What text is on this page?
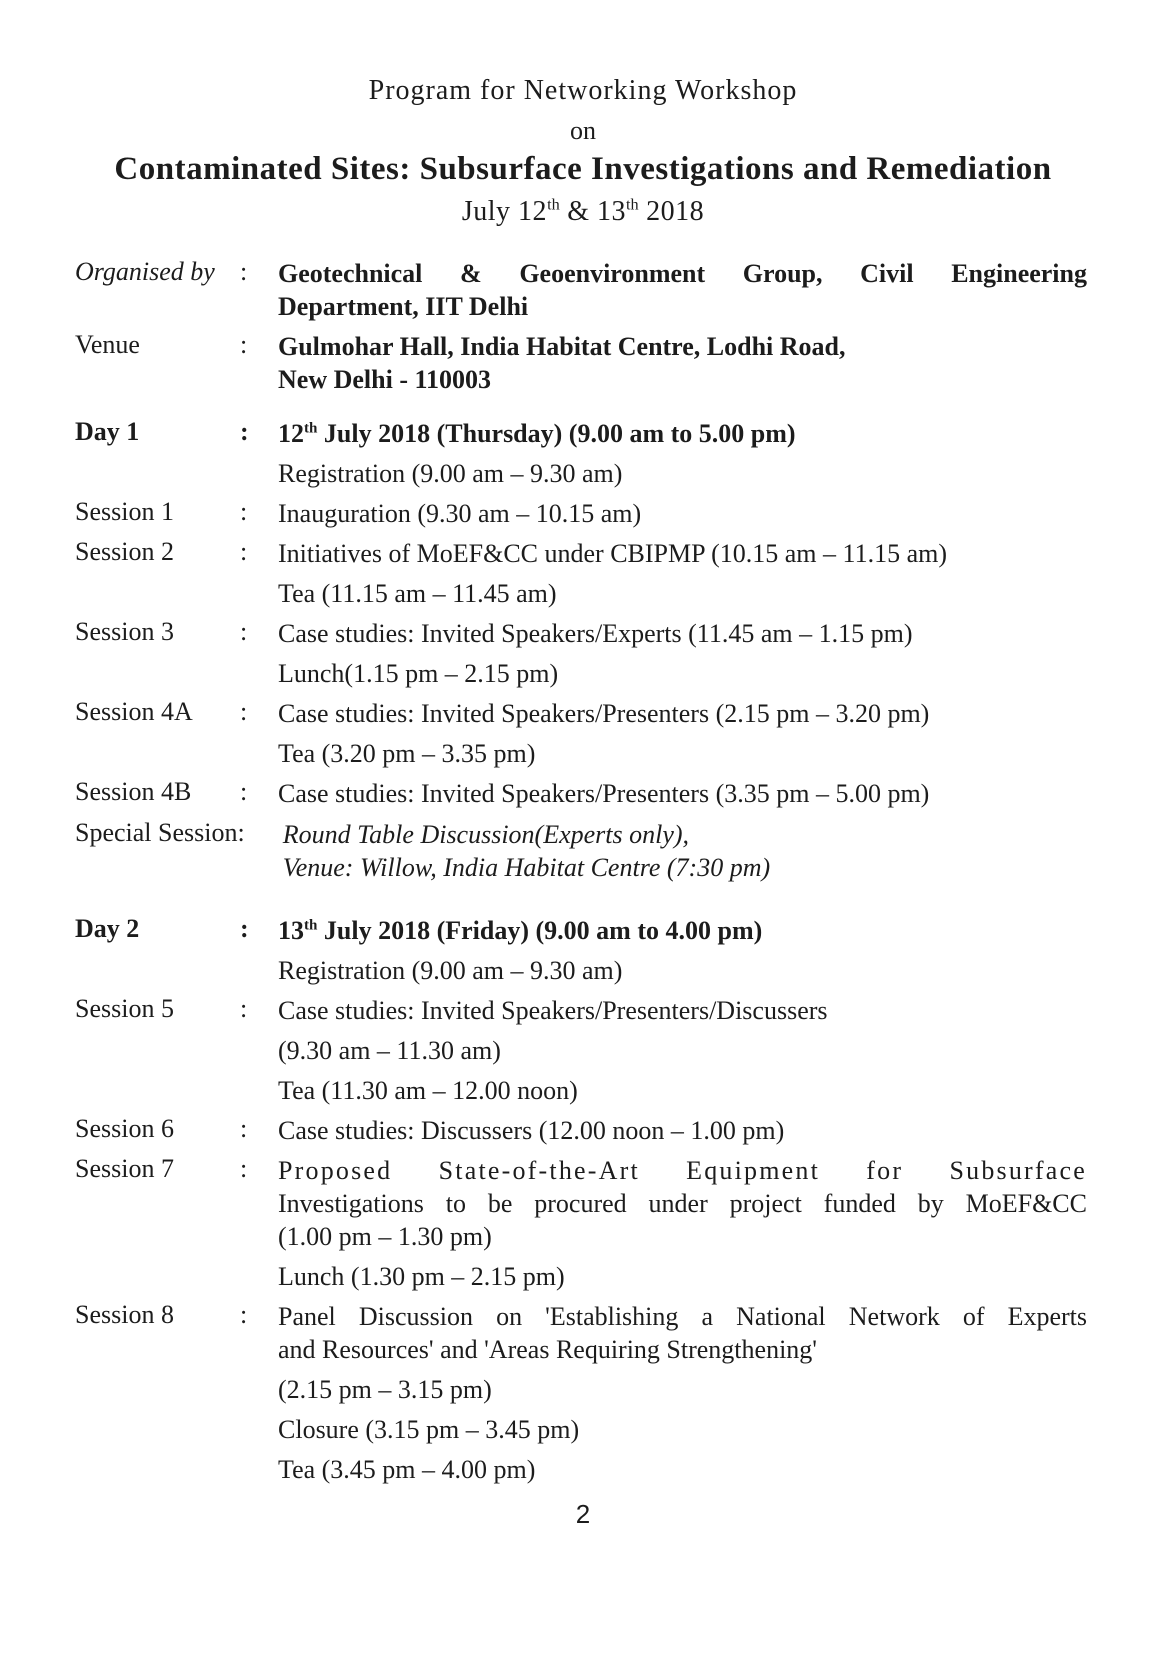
Program for Networking Workshop
on
Contaminated Sites: Subsurface Investigations and Remediation
July 12th & 13th 2018
Organised by :	Geotechnical & Geoenvironment Group, Civil Engineering
Department, IIT Delhi
Venue	:	Gulmohar Hall, India Habitat Centre, Lodhi Road,
New Delhi - 110003
Day 1	:	12th July 2018 (Thursday) (9.00 am to 5.00 pm)
Registration (9.00 am – 9.30 am)
Session 1	:	Inauguration (9.30 am – 10.15 am)
Session 2	:	Initiatives of MoEF&CC under CBIPMP (10.15 am – 11.15 am)
Tea (11.15 am – 11.45 am)
Session 3	:	Case studies: Invited Speakers/Experts (11.45 am – 1.15 pm)
Lunch(1.15 pm – 2.15 pm)
Session 4A	:	Case studies: Invited Speakers/Presenters (2.15 pm – 3.20 pm)
Tea (3.20 pm – 3.35 pm)
Session 4B	:	Case studies: Invited Speakers/Presenters (3.35 pm – 5.00 pm)
Special Session: Round Table Discussion(Experts only),
Venue: Willow, India Habitat Centre (7:30 pm)
Day 2	:	13th July 2018 (Friday) (9.00 am to 4.00 pm)
Registration (9.00 am – 9.30 am)
Session 5	:	Case studies: Invited Speakers/Presenters/Discussers
(9.30 am – 11.30 am)
Tea (11.30 am – 12.00 noon)
Session 6	:	Case studies: Discussers (12.00 noon – 1.00 pm)
Session 7	:	Proposed State-of-the-Art Equipment for Subsurface
Investigations to be procured under project funded by MoEF&CC
(1.00 pm – 1.30 pm)
Lunch (1.30 pm – 2.15 pm)
Session 8	:	Panel Discussion on 'Establishing a National Network of Experts
and Resources' and 'Areas Requiring Strengthening'
(2.15 pm – 3.15 pm)
Closure (3.15 pm – 3.45 pm)
Tea (3.45 pm – 4.00 pm)
2
